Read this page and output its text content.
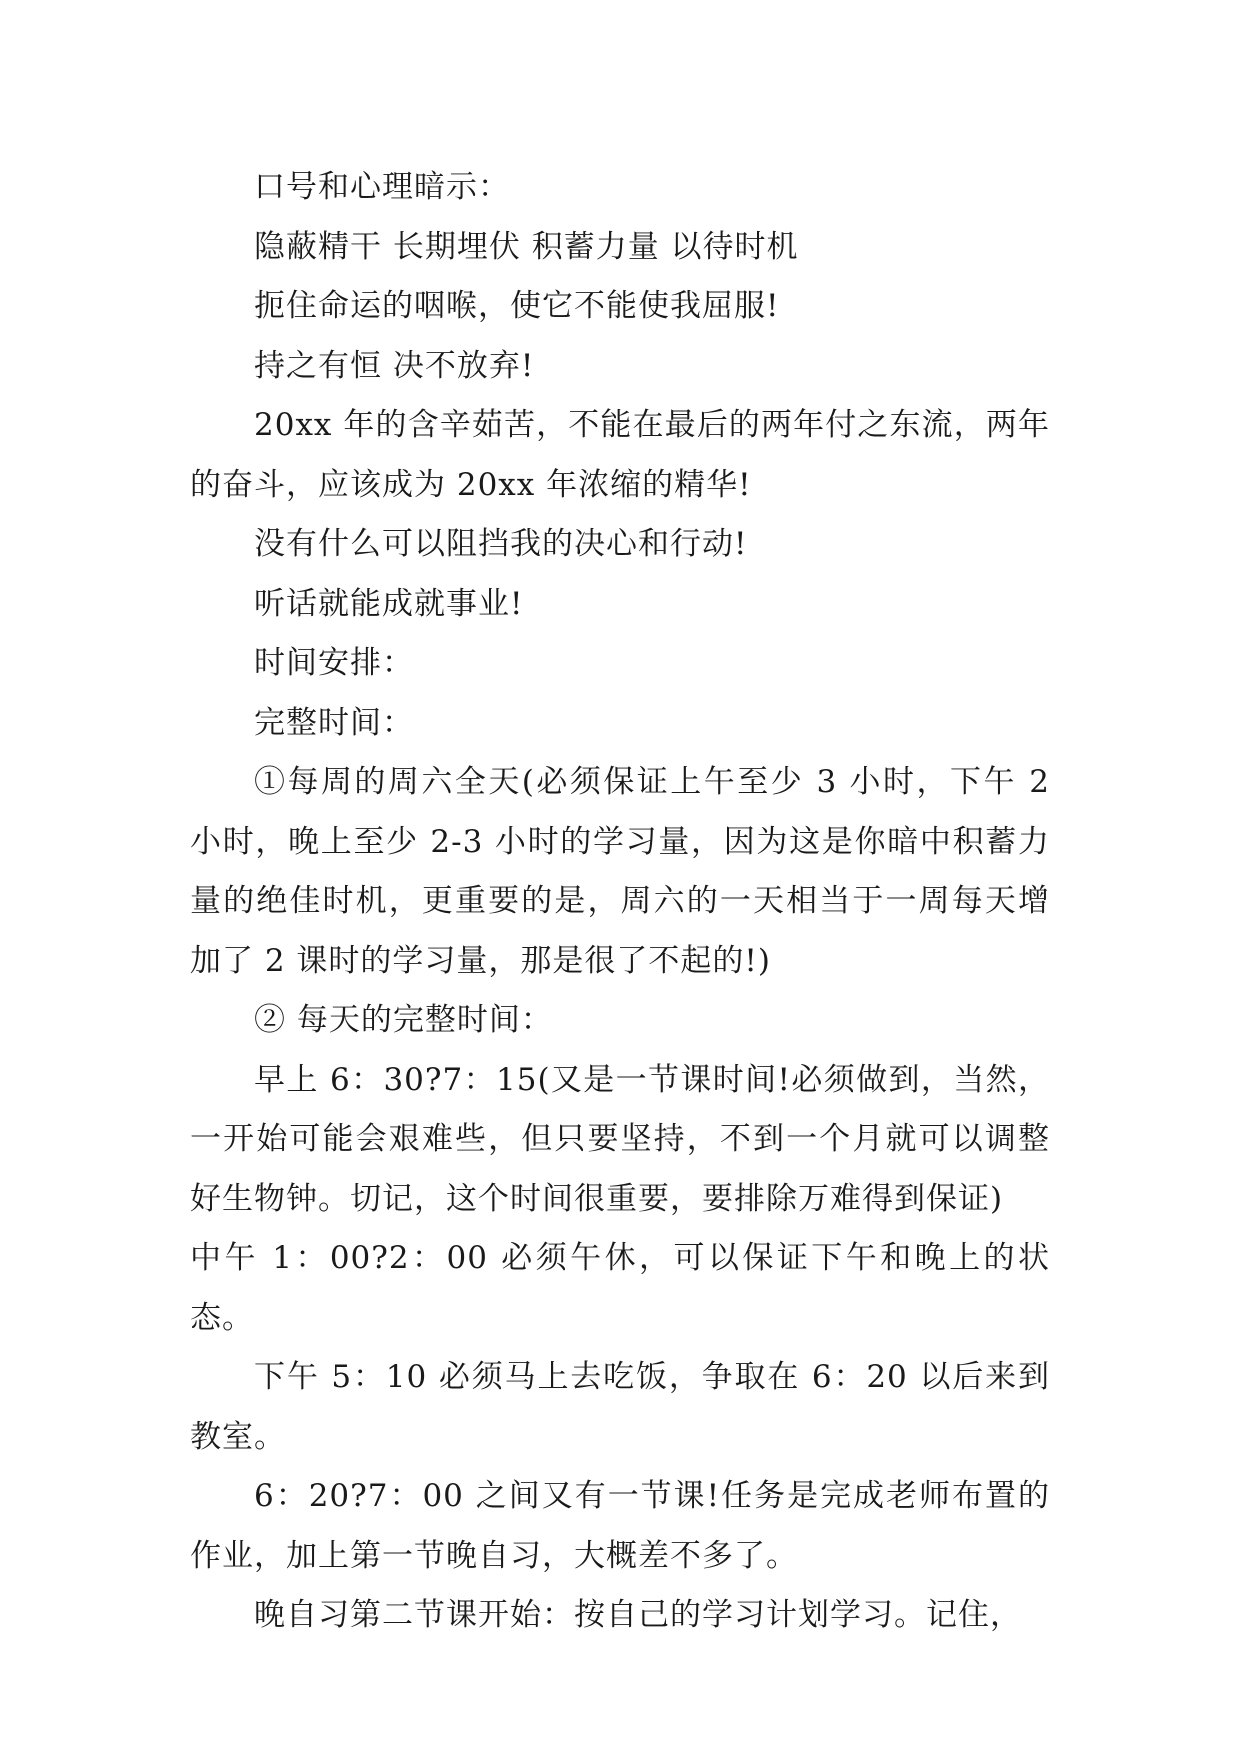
口号和心理暗示：

隐蔽精干 长期埋伏 积蓄力量 以待时机

扼住命运的咽喉，使它不能使我屈服!

持之有恒 决不放弃!

20xx 年的含辛茹苦，不能在最后的两年付之东流，两年的奋斗，应该成为 20xx 年浓缩的精华!

没有什么可以阻挡我的决心和行动!

听话就能成就事业!

时间安排：

完整时间：

①每周的周六全天(必须保证上午至少 3 小时，下午 2 小时，晚上至少 2-3 小时的学习量，因为这是你暗中积蓄力量的绝佳时机，更重要的是，周六的一天相当于一周每天增加了 2 课时的学习量，那是很了不起的!)

② 每天的完整时间：

早上 6：30?7：15(又是一节课时间!必须做到，当然，一开始可能会艰难些，但只要坚持，不到一个月就可以调整好生物钟。切记，这个时间很重要，要排除万难得到保证)

中午 1：00?2：00 必须午休，可以保证下午和晚上的状态。

下午 5：10 必须马上去吃饭，争取在 6：20 以后来到教室。

6：20?7：00 之间又有一节课!任务是完成老师布置的作业，加上第一节晚自习，大概差不多了。

晚自习第二节课开始：按自己的学习计划学习。记住，
